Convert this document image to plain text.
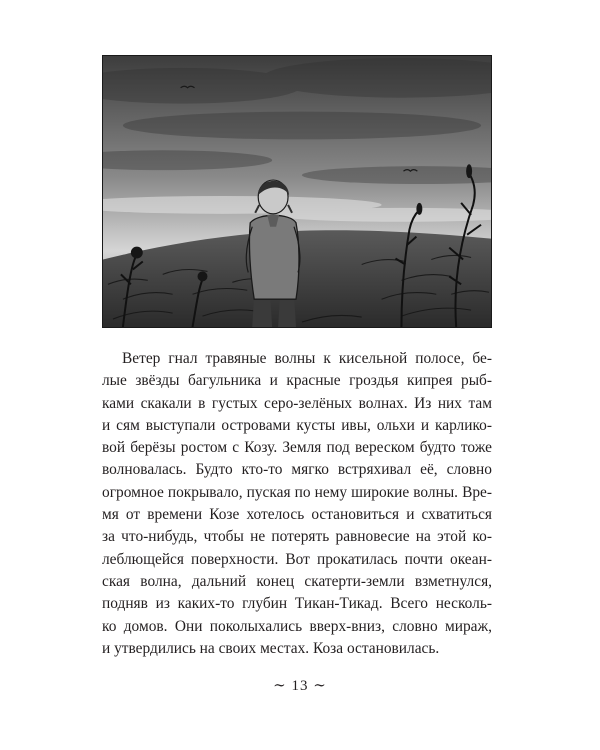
Ветер гнал травяные волны к кисельной полосе, бе-
лые звёзды багульника и красные гроздья кипрея рыб-
ками скакали в густых серо-зелёных волнах. Из них там
и сям выступали островами кусты ивы, ольхи и карлико-
вой берёзы ростом с Козу. Земля под вереском будто тоже
волновалась. Будто кто-то мягко встряхивал её, словно
огромное покрывало, пуская по нему широкие волны. Вре-
мя от времени Козе хотелось остановиться и схватиться
за что-нибудь, чтобы не потерять равновесие на этой ко-
леблющейся поверхности. Вот прокатилась почти океан-
ская волна, дальний конец скатерти-земли взметнулся,
подняв из каких-то глубин Тикан-Тикад. Всего несколь-
ко домов. Они поколыхались вверх-вниз, словно мираж,
и утвердились на своих местах. Коза остановилась.
∼ 13 ∼
